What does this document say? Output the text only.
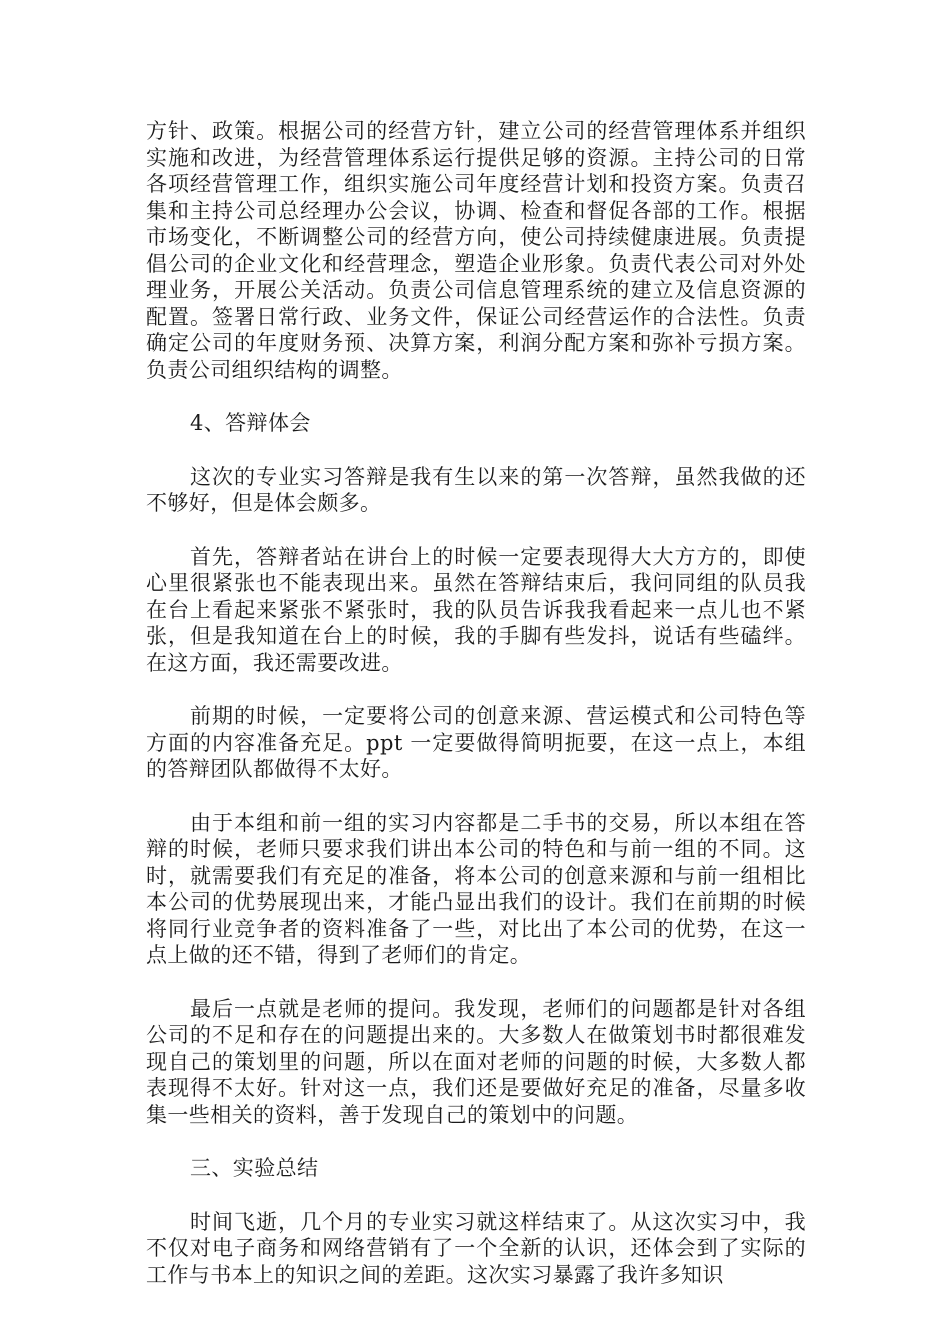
方针、政策。根据公司的经营方针，建立公司的经营管理体系并组织实施和改进，为经营管理体系运行提供足够的资源。主持公司的日常各项经营管理工作，组织实施公司年度经营计划和投资方案。负责召集和主持公司总经理办公会议，协调、检查和督促各部的工作。根据市场变化，不断调整公司的经营方向，使公司持续健康进展。负责提倡公司的企业文化和经营理念，塑造企业形象。负责代表公司对外处理业务，开展公关活动。负责公司信息管理系统的建立及信息资源的配置。签署日常行政、业务文件，保证公司经营运作的合法性。负责确定公司的年度财务预、决算方案，利润分配方案和弥补亏损方案。负责公司组织结构的调整。

4、答辩体会

这次的专业实习答辩是我有生以来的第一次答辩，虽然我做的还不够好，但是体会颇多。

首先，答辩者站在讲台上的时候一定要表现得大大方方的，即使心里很紧张也不能表现出来。虽然在答辩结束后，我问同组的队员我在台上看起来紧张不紧张时，我的队员告诉我我看起来一点儿也不紧张，但是我知道在台上的时候，我的手脚有些发抖，说话有些磕绊。在这方面，我还需要改进。

前期的时候，一定要将公司的创意来源、营运模式和公司特色等方面的内容准备充足。ppt 一定要做得简明扼要，在这一点上，本组的答辩团队都做得不太好。

由于本组和前一组的实习内容都是二手书的交易，所以本组在答辩的时候，老师只要求我们讲出本公司的特色和与前一组的不同。这时，就需要我们有充足的准备，将本公司的创意来源和与前一组相比本公司的优势展现出来，才能凸显出我们的设计。我们在前期的时候将同行业竞争者的资料准备了一些，对比出了本公司的优势，在这一点上做的还不错，得到了老师们的肯定。

最后一点就是老师的提问。我发现，老师们的问题都是针对各组公司的不足和存在的问题提出来的。大多数人在做策划书时都很难发现自己的策划里的问题，所以在面对老师的问题的时候，大多数人都表现得不太好。针对这一点，我们还是要做好充足的准备，尽量多收集一些相关的资料，善于发现自己的策划中的问题。

三、实验总结

时间飞逝，几个月的专业实习就这样结束了。从这次实习中，我不仅对电子商务和网络营销有了一个全新的认识，还体会到了实际的工作与书本上的知识之间的差距。这次实习暴露了我许多知识
